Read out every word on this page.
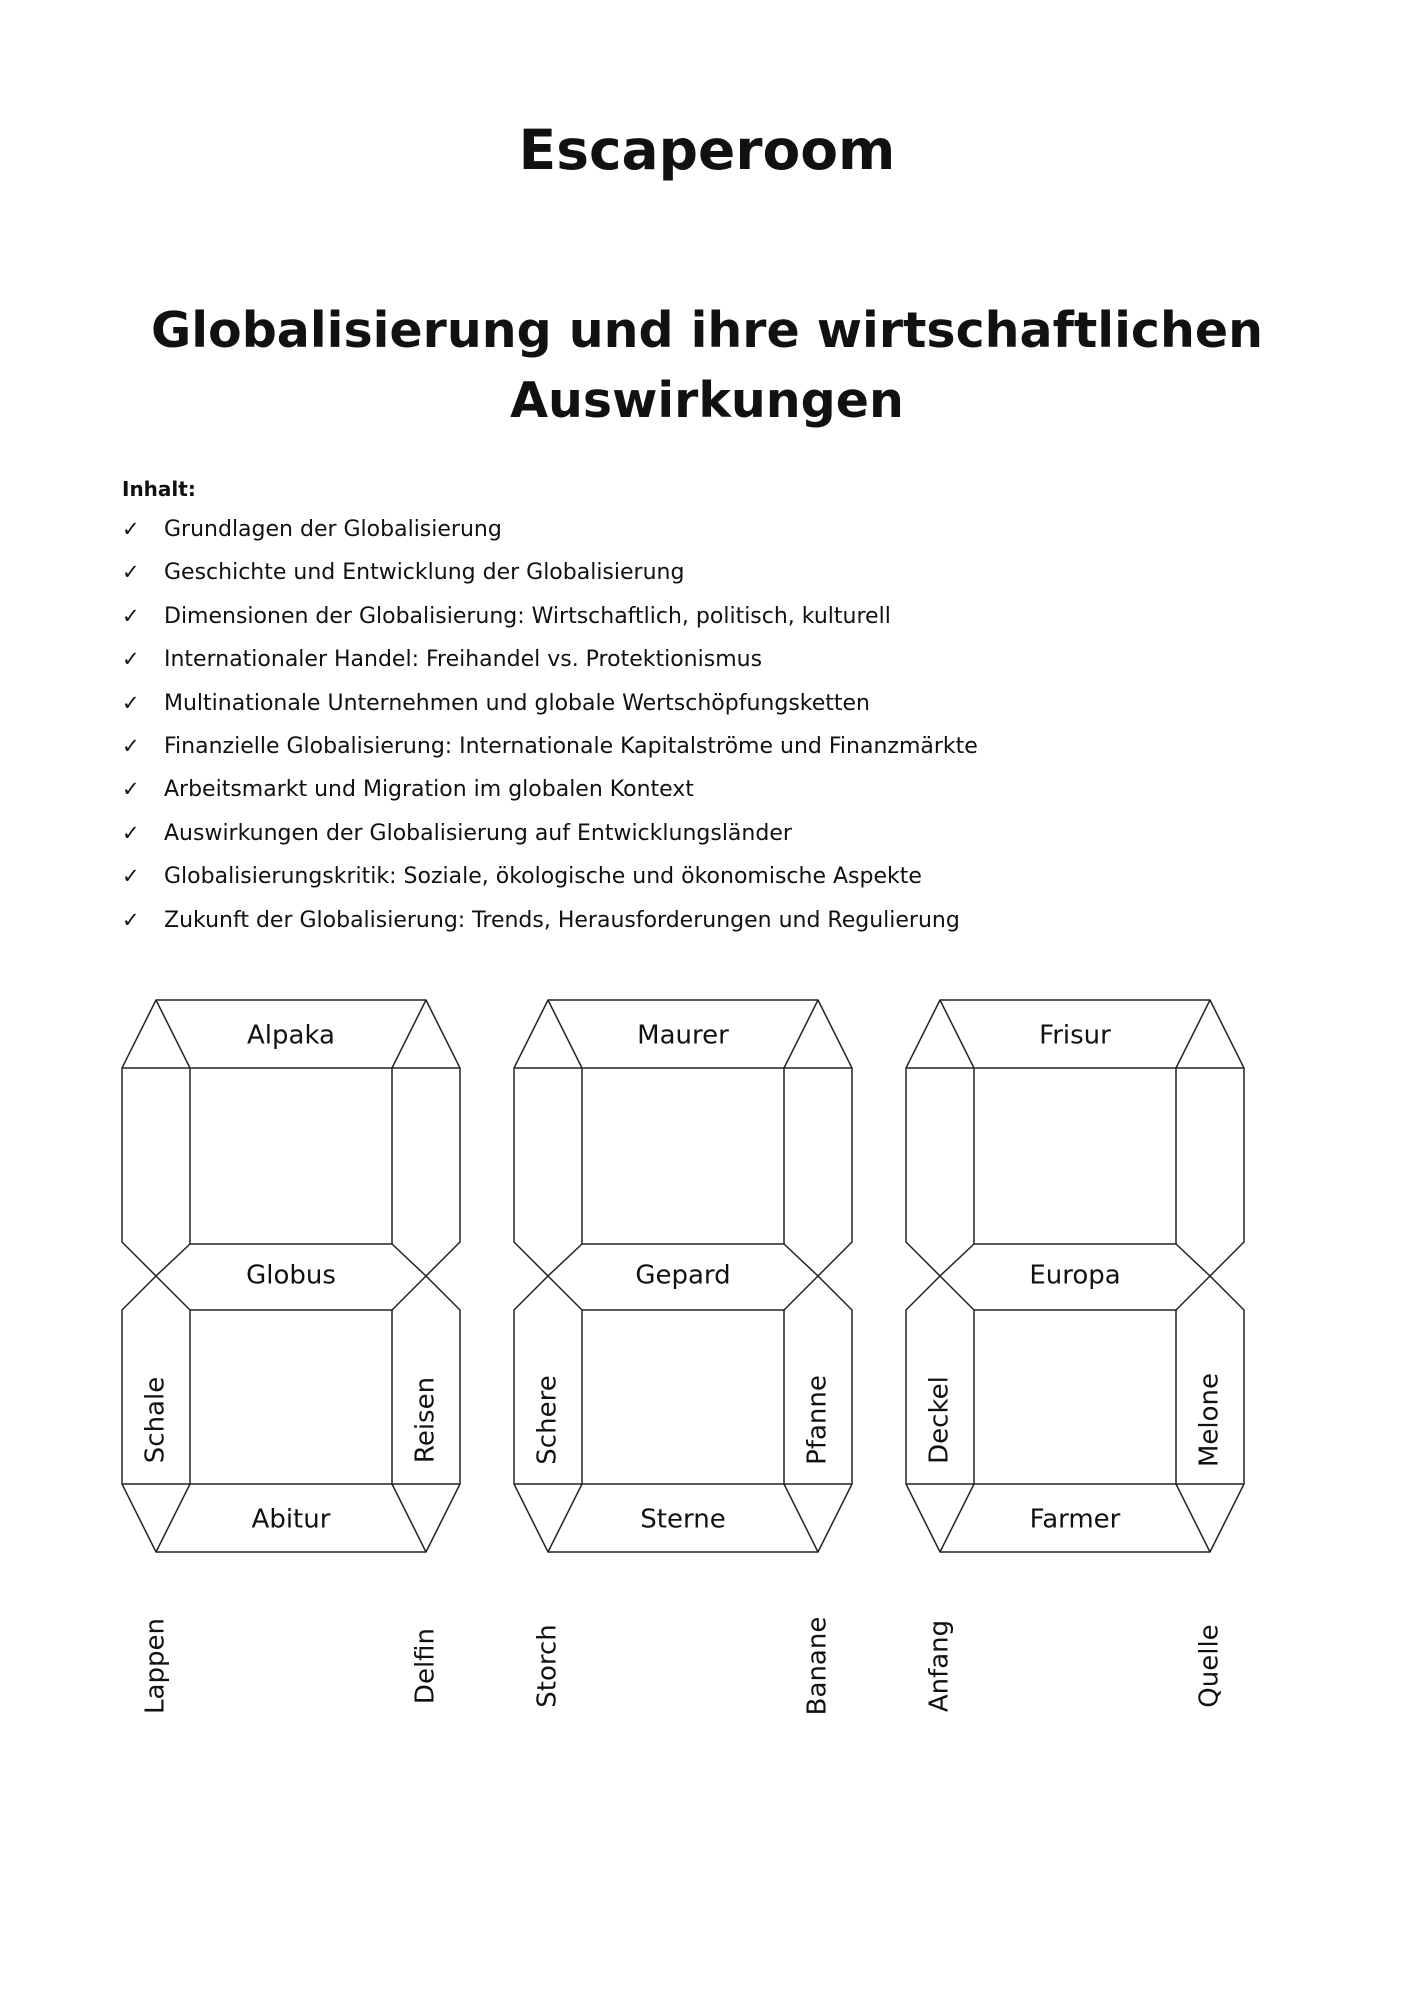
Escaperoom
Globalisierung und ihre wirtschaftlichen
Auswirkungen
Inhalt:
✓	Grundlagen der Globalisierung
✓	Geschichte und Entwicklung der Globalisierung
✓	Dimensionen der Globalisierung: Wirtschaftlich, politisch, kulturell
✓	Internationaler Handel: Freihandel vs. Protektionismus
✓	Multinationale Unternehmen und globale Wertschöpfungsketten
✓	Finanzielle Globalisierung: Internationale Kapitalströme und Finanzmärkte
✓	Arbeitsmarkt und Migration im globalen Kontext
✓	Auswirkungen der Globalisierung auf Entwicklungsländer
✓	Globalisierungskritik: Soziale, ökologische und ökonomische Aspekte
✓	Zukunft der Globalisierung: Trends, Herausforderungen und Regulierung
Alpaka
Globus
Abitur
Lappen	Delfin
Schale	Reisen
Maurer
Gepard
Sterne
Storch	Banane
Schere	Pfanne
Frisur
Europa
Farmer
Anfang	Quelle
Deckel	Melone
